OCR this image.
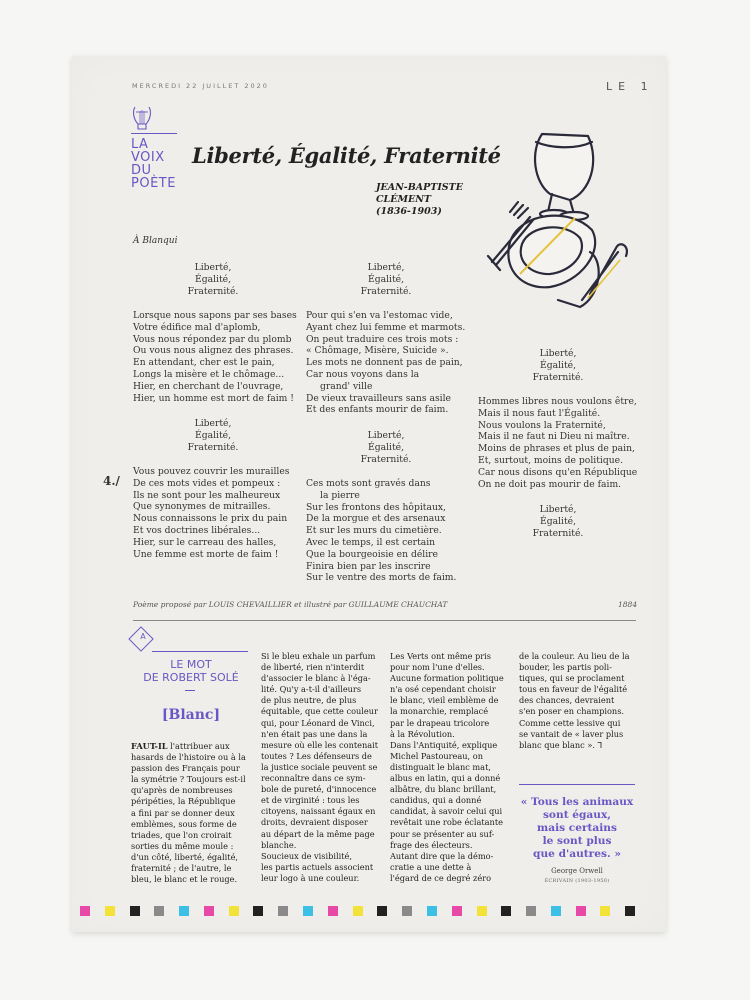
MERCREDI 22 JUILLET 2020	LE 1
LA
VOIX
DU
POÈTE
Liberté, Égalité, Fraternité
JEAN-BAPTISTE
CLÉMENT
(1836-1903)
À Blanqui
Liberté,
Égalité,
Fraternité.
Lorsque nous sapons par ses bases
Votre édifice mal d'aplomb,
Vous nous répondez par du plomb
Ou vous nous alignez des phrases.
En attendant, cher est le pain,
Longs la misère et le chômage...
Hier, en cherchant de l'ouvrage,
Hier, un homme est mort de faim !
Liberté,
Égalité,
Fraternité.
4./
Vous pouvez couvrir les murailles
De ces mots vides et pompeux :
Ils ne sont pour les malheureux
Que synonymes de mitrailles.
Nous connaissons le prix du pain
Et vos doctrines libérales...
Hier, sur le carreau des halles,
Une femme est morte de faim !
Liberté,
Égalité,
Fraternité.
Pour qui s'en va l'estomac vide,
Ayant chez lui femme et marmots.
On peut traduire ces trois mots :
« Chômage, Misère, Suicide ».
Les mots ne donnent pas de pain,
Car nous voyons dans la
grand' ville
De vieux travailleurs sans asile
Et des enfants mourir de faim.
Liberté,
Égalité,
Fraternité.
Ces mots sont gravés dans
la pierre
Sur les frontons des hôpitaux,
De la morgue et des arsenaux
Et sur les murs du cimetière.
Avec le temps, il est certain
Que la bourgeoisie en délire
Finira bien par les inscrire
Sur le ventre des morts de faim.
Liberté,
Égalité,
Fraternité.
Hommes libres nous voulons être,
Mais il nous faut l'Égalité.
Nous voulons la Fraternité,
Mais il ne faut ni Dieu ni maître.
Moins de phrases et plus de pain,
Et, surtout, moins de politique.
Car nous disons qu'en République
On ne doit pas mourir de faim.
Liberté,
Égalité,
Fraternité.
Poème proposé par LOUIS CHEVAILLIER et illustré par GUILLAUME CHAUCHAT	1884
A
LE MOT
DE ROBERT SOLÉ
[Blanc]
FAUT-IL l'attribuer aux
hasards de l'histoire ou à la
passion des Français pour
la symétrie ? Toujours est-il
qu'après de nombreuses
péripéties, la République
a fini par se donner deux
emblèmes, sous forme de
triades, que l'on croirait
sorties du même moule :
d'un côté, liberté, égalité,
fraternité ; de l'autre, le
bleu, le blanc et le rouge.
Si le bleu exhale un parfum
de liberté, rien n'interdit
d'associer le blanc à l'éga-
lité. Qu'y a-t-il d'ailleurs
de plus neutre, de plus
équitable, que cette couleur
qui, pour Léonard de Vinci,
n'en était pas une dans la
mesure où elle les contenait
toutes ? Les défenseurs de
la justice sociale peuvent se
reconnaître dans ce sym-
bole de pureté, d'innocence
et de virginité : tous les
citoyens, naissant égaux en
droits, devraient disposer
au départ de la même page
blanche.
Soucieux de visibilité,
les partis actuels associent
leur logo à une couleur.
Les Verts ont même pris
pour nom l'une d'elles.
Aucune formation politique
n'a osé cependant choisir
le blanc, vieil emblème de
la monarchie, remplacé
par le drapeau tricolore
à la Révolution.
Dans l'Antiquité, explique
Michel Pastoureau, on
distinguait le blanc mat,
albus en latin, qui a donné
albâtre, du blanc brillant,
candidus, qui a donné
candidat, à savoir celui qui
revêtait une robe éclatante
pour se présenter au suf-
frage des électeurs.
Autant dire que la démo-
cratie a une dette à
l'égard de ce degré zéro
de la couleur. Au lieu de la
bouder, les partis poli-
tiques, qui se proclament
tous en faveur de l'égalité
des chances, devraient
s'en poser en champions.
Comme cette lessive qui
se vantait de « laver plus
blanc que blanc ». ⅂
« Tous les animaux
sont égaux,
mais certains
le sont plus
que d'autres. »
George Orwell
ÉCRIVAIN (1903-1950)
